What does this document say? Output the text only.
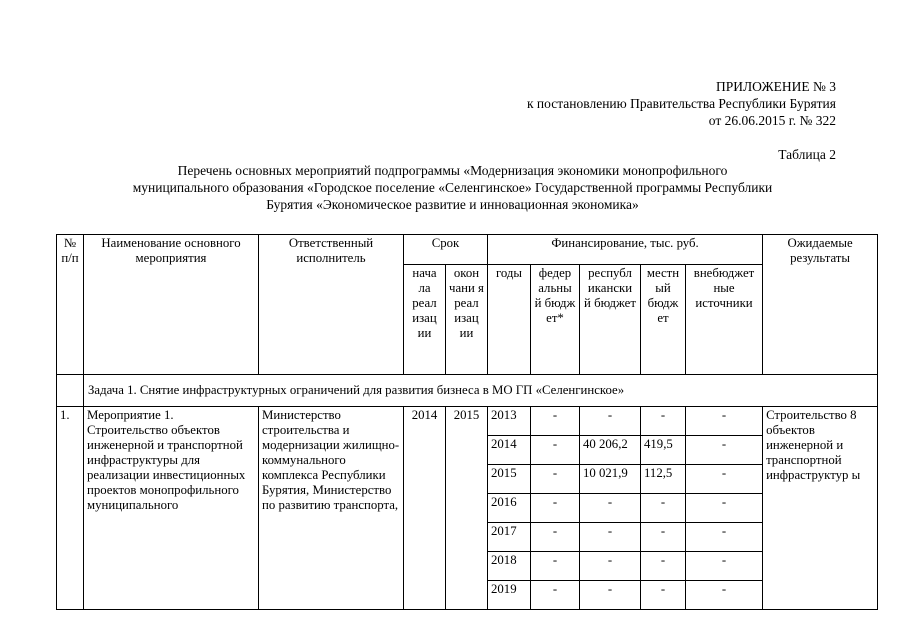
ПРИЛОЖЕНИЕ № 3
к постановлению Правительства Республики Бурятия
от 26.06.2015 г. № 322
Таблица 2
Перечень основных мероприятий подпрограммы «Модернизация экономики монопрофильного
муниципального образования «Городское поселение «Селенгинское» Государственной программы Республики
Бурятия «Экономическое развитие и инновационная экономика»
№ п/п	Наименование основного мероприятия	Ответственный исполнитель	Срок		Финансирование, тыс. руб.					Ожидаемые результаты
			нача ла реал изац ии	окон чани я реал изац ии	годы	федер альны й бюдж ет*	республ икански й бюджет	местн ый бюдж ет	внебюджет ные источники	
	Задача 1. Снятие инфраструктурных ограничений для развития бизнеса в МО ГП «Селенгинское»									
1.	Мероприятие 1. Строительство объектов инженерной и транспортной инфраструктуры для реализации инвестиционных проектов монопрофильного муниципального	Министерство строительства и модернизации жилищно-коммунального комплекса Республики Бурятия, Министерство по развитию транспорта,	2014	2015	2013	-	-	-	-	Строительство 8 объектов инженерной и транспортной инфраструктур ы
					2014	-	40 206,2	419,5	-	
					2015	-	10 021,9	112,5	-	
					2016	-	-	-	-	
					2017	-	-	-	-	
					2018	-	-	-	-	
					2019	-	-	-	-	
